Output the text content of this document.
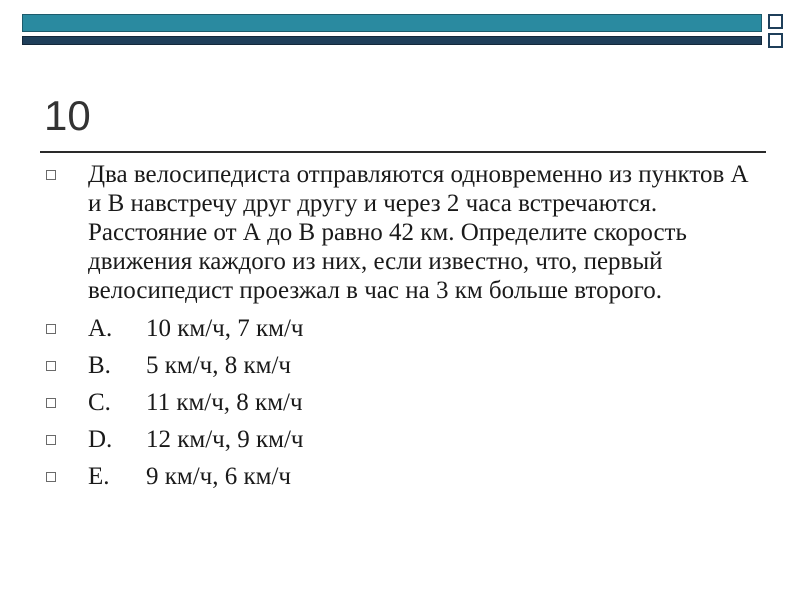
10
Два велосипедиста отправляются одновременно из пунктов А и В навстречу друг другу и через 2 часа встречаются. Расстояние от А до В равно 42 км. Определите скорость движения каждого из них, если известно, что, первый велосипедист проезжал в час на 3 км больше второго.
A. 10 км/ч, 7 км/ч
B. 5 км/ч, 8 км/ч
C. 11 км/ч, 8 км/ч
D. 12 км/ч, 9 км/ч
E. 9 км/ч, 6 км/ч
